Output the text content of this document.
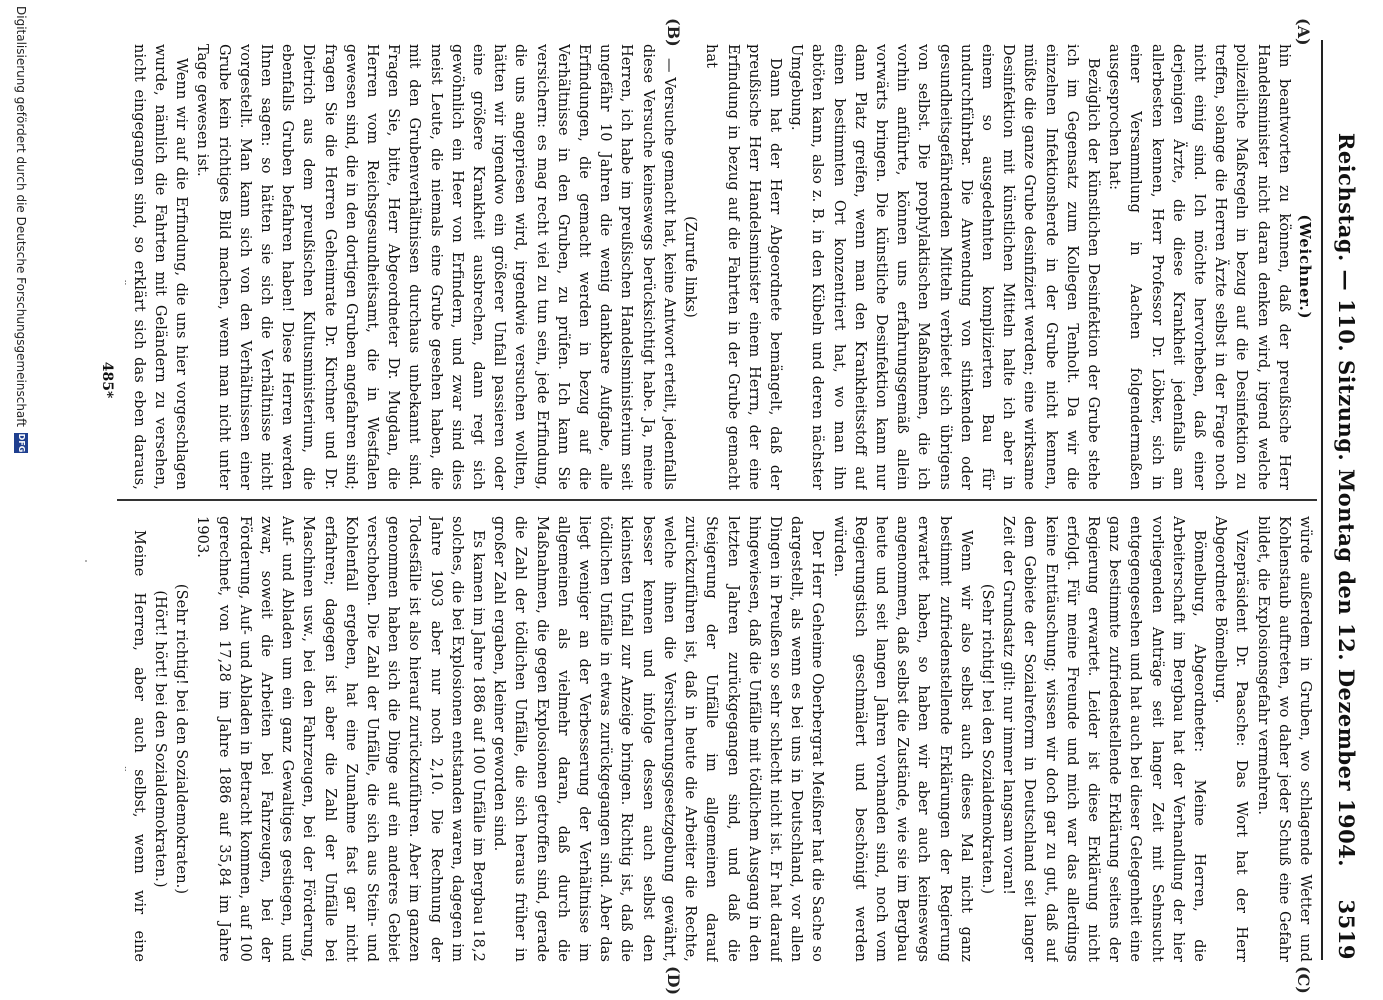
Reichstag. — 110. Sitzung. Montag den 12. Dezember 1904.
3519
(A)
(B)
(C)
(D)

(Weichner.)

hin beantworten zu können, daß der preußische Herr Handelsminister nicht daran denken wird, irgend welche polizeiliche Maßregeln in bezug auf die Desinfektion zu treffen, solange die Herren Ärzte selbst in der Frage noch nicht einig sind. Ich möchte hervorheben, daß einer derjenigen Ärzte, die diese Krankheit jedenfalls am allerbesten kennen, Herr Professor Dr. Löbker, sich in einer Versammlung in Aachen folgendermaßen ausgesprochen hat:

Bezüglich der künstlichen Desinfektion der Grube stehe ich im Gegensatz zum Kollegen Tenholt. Da wir die einzelnen Infektionsherde in der Grube nicht kennen, müßte die ganze Grube desinfiziert werden; eine wirksame Desinfektion mit künstlichen Mitteln halte ich aber in einem so ausgedehnten komplizierten Bau für undurchführbar. Die Anwendung von stinkenden oder gesundheitsgefährdenden Mitteln verbietet sich übrigens von selbst. Die prophylaktischen Maßnahmen, die ich vorhin anführte, können uns erfahrungsgemäß allein vorwärts bringen. Die künstliche Desinfektion kann nur dann Platz greifen, wenn man den Krankheitsstoff auf einen bestimmten Ort konzentriert hat, wo man ihn abtöten kann, also z. B. in den Kübeln und deren nächster Umgebung.

Dann hat der Herr Abgeordnete bemängelt, daß der preußische Herr Handelsminister einem Herrn, der eine Erfindung in bezug auf die Fahrten in der Grube gemacht hat

(Zurufe links)

— Versuche gemacht hat, keine Antwort erteilt, jedenfalls diese Versuche keineswegs berücksichtigt habe. Ja, meine Herren, ich habe im preußischen Handelsministerium seit ungefähr 10 Jahren die wenig dankbare Aufgabe, alle Erfindungen, die gemacht werden in bezug auf die Verhältnisse in den Gruben, zu prüfen. Ich kann Sie versichern: es mag recht viel zu tun sein, jede Erfindung, die uns angepriesen wird, irgendwie versuchen wollten, hätten wir irgendwo ein größerer Unfall passieren oder eine größere Krankheit ausbrechen, dann regt sich gewöhnlich ein Heer von Erfindern, und zwar sind dies meist Leute, die niemals eine Grube gesehen haben, die mit den Grubenverhältnissen durchaus unbekannt sind. Fragen Sie, bitte, Herr Abgeordneter Dr. Mugdan, die Herren vom Reichsgesundheitsamt, die in Westfalen gewesen sind, die in den dortigen Gruben angefahren sind; fragen Sie die Herren Geheimrate Dr. Kirchner und Dr. Dietrich aus dem preußischen Kultusministerium, die ebenfalls Gruben befahren haben! Diese Herren werden Ihnen sagen: so hätten sie sich die Verhältnisse nicht vorgestellt. Man kann sich von den Verhältnissen einer Grube kein richtiges Bild machen, wenn man nicht unter Tage gewesen ist.

Wenn wir auf die Erfindung, die uns hier vorgeschlagen wurde, nämlich die Fahrten mit Geländern zu versehen, nicht eingegangen sind, so erklärt sich das eben daraus,

würde außerdem in Gruben, wo schlagende Wetter und Kohlenstaub auftreten, wo daher jeder Schuß eine Gefahr bildet, die Explosionsgefahr vermehren.

Vizepräsident Dr. Paasche: Das Wort hat der Herr Abgeordnete Bömelburg.

Bömelburg, Abgeordneter: Meine Herren, die Arbeiterschaft im Bergbau hat der Verhandlung der hier vorliegenden Anträge seit langer Zeit mit Sehnsucht entgegengesehen und hat auch bei dieser Gelegenheit eine ganz bestimmte zufriedenstellende Erklärung seitens der Regierung erwartet. Leider ist diese Erklärung nicht erfolgt. Für meine Freunde und mich war das allerdings keine Enttäuschung; wissen wir doch gar zu gut, daß auf dem Gebiete der Sozialreform in Deutschland seit langer Zeit der Grundsatz gilt: nur immer langsam voran!

(Sehr richtig! bei den Sozialdemokraten.)

Wenn wir also selbst auch dieses Mal nicht ganz bestimmt zufriedenstellende Erklärungen der Regierung erwartet haben, so haben wir aber auch keineswegs angenommen, daß selbst die Zustände, wie sie im Bergbau heute und seit langen Jahren vorhanden sind, noch vom Regierungstisch geschmälert und beschönigt werden würden.

Der Herr Geheime Oberbergrat Meißner hat die Sache so dargestellt, als wenn es bei uns in Deutschland, vor allen Dingen in Preußen so sehr schlecht nicht ist. Er hat darauf hingewiesen, daß die Unfälle mit tödlichem Ausgang in den letzten Jahren zurückgegangen sind, und daß die Steigerung der Unfälle im allgemeinen darauf zurückzuführen ist, daß in heute die Arbeiter die Rechte, welche ihnen die Versicherungsgesetzgebung gewährt, besser kennen und infolge dessen auch selbst den kleinsten Unfall zur Anzeige bringen. Richtig ist, daß die tödlichen Unfälle in etwas zurückgegangen sind. Aber das liegt weniger an der Verbesserung der Verhältnisse im allgemeinen als vielmehr daran, daß durch die Maßnahmen, die gegen Explosionen getroffen sind, gerade die Zahl der tödlichen Unfälle, die sich heraus früher in großer Zahl ergaben, kleiner geworden sind.

Es kamen im Jahre 1886 auf 100 Unfälle im Bergbau 18,2 solches, die bei Explosionen entstanden waren, dagegen im Jahre 1903 aber nur noch 2,10. Die Rechnung der Todesfälle ist also hierauf zurückzuführen. Aber im ganzen genommen haben sich die Dinge auf ein anderes Gebiet verschoben. Die Zahl der Unfälle, die sich aus Stein- und Kohlenfall ergeben, hat eine Zunahme fast gar nicht erfahren; dagegen ist aber die Zahl der Unfälle bei Maschinen usw., bei den Fahrzeugen, bei der Förderung, Auf- und Abladen um ein ganz Gewaltiges gestiegen, und zwar, soweit die Arbeiten bei Fahrzeugen, bei der Förderung, Auf- und Abladen in Betracht kommen, auf 100 gerechnet, von 17,28 im Jahre 1886 auf 35,84 im Jahre 1903.

(Sehr richtig! bei den Sozialdemokraten.)

(Hört! hört! bei den Sozialdemokraten.)

Meine Herren, aber auch selbst, wenn wir eine

485*
Digitalisierung gefördert durch die Deutsche Forschungsgemeinschaft
DFG
